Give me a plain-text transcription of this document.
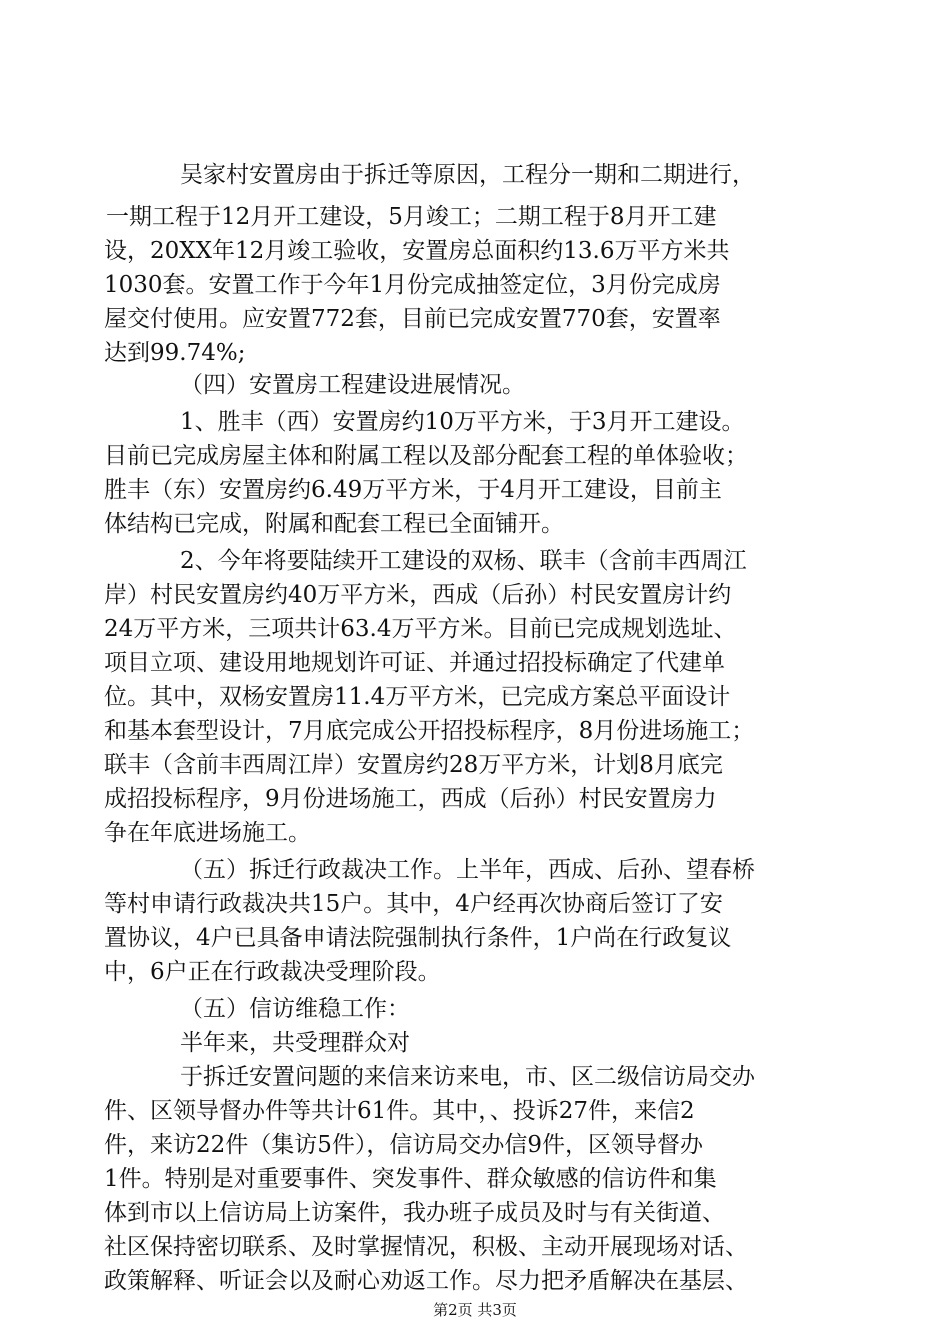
吴家村安置房由于拆迁等原因，工程分一期和二期进行，
一期工程于12月开工建设，5月竣工；二期工程于8月开工建
设，20XX年12月竣工验收，安置房总面积约13.6万平方米共
1030套。安置工作于今年1月份完成抽签定位，3月份完成房
屋交付使用。应安置772套，目前已完成安置770套，安置率
达到99.74%;
（四）安置房工程建设进展情况。
1、胜丰（西）安置房约10万平方米，于3月开工建设。
目前已完成房屋主体和附属工程以及部分配套工程的单体验收；
胜丰（东）安置房约6.49万平方米，于4月开工建设，目前主
体结构已完成，附属和配套工程已全面铺开。
2、今年将要陆续开工建设的双杨、联丰（含前丰西周江
岸）村民安置房约40万平方米，西成（后孙）村民安置房计约
24万平方米，三项共计63.4万平方米。目前已完成规划选址、
项目立项、建设用地规划许可证、并通过招投标确定了代建单
位。其中，双杨安置房11.4万平方米，已完成方案总平面设计
和基本套型设计，7月底完成公开招投标程序，8月份进场施工；
联丰（含前丰西周江岸）安置房约28万平方米，计划8月底完
成招投标程序，9月份进场施工，西成（后孙）村民安置房力
争在年底进场施工。
（五）拆迁行政裁决工作。上半年，西成、后孙、望春桥
等村申请行政裁决共15户。其中，4户经再次协商后签订了安
置协议，4户已具备申请法院强制执行条件，1户尚在行政复议
中，6户正在行政裁决受理阶段。
（五）信访维稳工作：
半年来，共受理群众对
于拆迁安置问题的来信来访来电，市、区二级信访局交办
件、区领导督办件等共计61件。其中，、投诉27件，来信2
件，来访22件（集访5件），信访局交办信9件，区领导督办
1件。特别是对重要事件、突发事件、群众敏感的信访件和集
体到市以上信访局上访案件，我办班子成员及时与有关街道、
社区保持密切联系、及时掌握情况，积极、主动开展现场对话、
政策解释、听证会以及耐心劝返工作。尽力把矛盾解决在基层、
第2页 共3页
